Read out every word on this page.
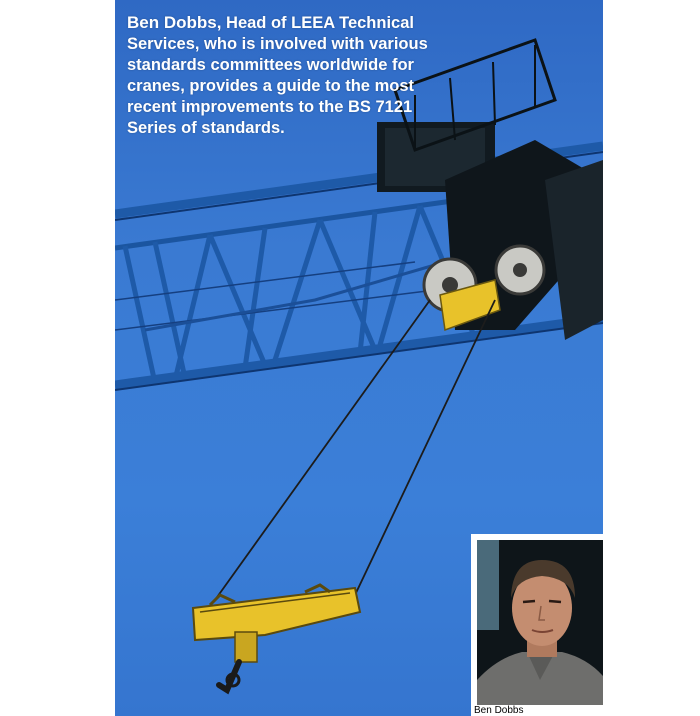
Ben Dobbs, Head of LEEA Technical Services, who is involved with various standards committees worldwide for cranes, provides a guide to the most recent improvements to the BS 7121 Series of standards.
Ben Dobbs
